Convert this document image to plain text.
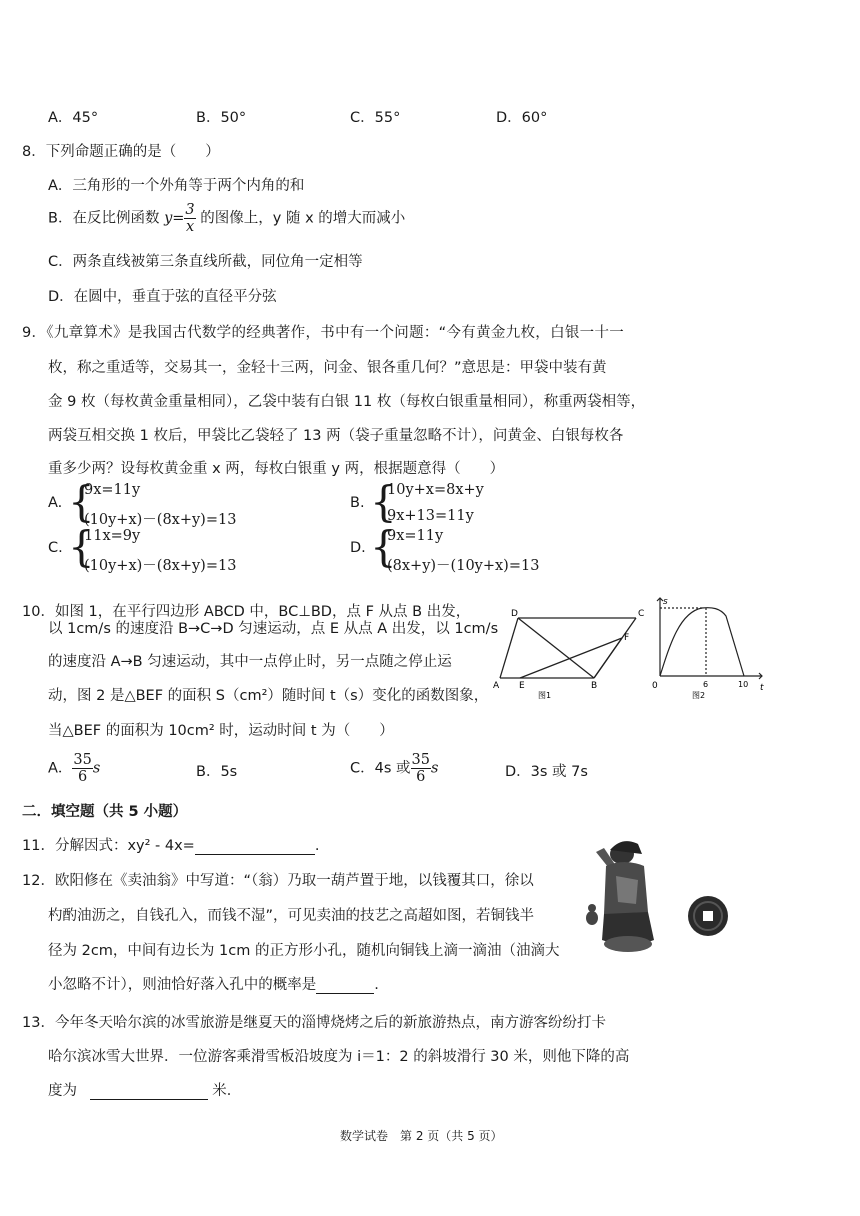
A．45°	B．50°	C．55°	D．60°
8．下列命题正确的是（　　）
A．三角形的一个外角等于两个内角的和
B．在反比例函数 $y= \frac{3}{x}$ 的图像上，y 随 x 的增大而减小
C．两条直线被第三条直线所截，同位角一定相等
D．在圆中，垂直于弦的直径平分弦
9．《九章算术》是我国古代数学的经典著作，书中有一个问题：“今有黄金九枚，白银一十一
枚，称之重适等，交易其一，金轻十三两，问金、银各重几何？”意思是：甲袋中装有黄
金 9 枚（每枚黄金重量相同），乙袋中装有白银 11 枚（每枚白银重量相同），称重两袋相等，
两袋互相交换 1 枚后，甲袋比乙袋轻了 13 两（袋子重量忽略不计），问黄金、白银每枚各
重多少两？设每枚黄金重 x 两，每枚白银重 y 两，根据题意得（　　）
A. {
9x=11y
(10y+x)－(8x+y)=13
B. {
10y+x=8x+y
9x+13=11y
C. {
11x=9y
(10y+x)－(8x+y)=13
D. {
9x=11y
(8x+y)－(10y+x)=13
10．如图 1，在平行四边形 ABCD 中，BC⊥BD，点 F 从点 B 出发，
以 1cm/s 的速度沿 B→C→D 匀速运动，点 E 从点 A 出发，以 1cm/s
的速度沿 A→B 匀速运动，其中一点停止时，另一点随之停止运
动，图 2 是△BEF 的面积 S（cm²）随时间 t（s）变化的函数图象，
当△BEF 的面积为 10cm² 时，运动时间 t 为（　　）
D	C
A E	B
F
图1
s
t
0	6	10
图2
A． $\frac{35}{6}$ s	B．5s	C．4s 或 $\frac{35}{6}$ s	D．3s 或 7s
二．填空题（共 5 小题）
11．分解因式：xy² - 4x=	.
12．欧阳修在《卖油翁》中写道：“（翁）乃取一葫芦置于地，以钱覆其口，徐以
杓酌油沥之，自钱孔入，而钱不湿”，可见卖油的技艺之高超如图，若铜钱半
径为 2cm，中间有边长为 1cm 的正方形小孔，随机向铜钱上滴一滴油（油滴大
小忽略不计），则油恰好落入孔中的概率是	.
13．今年冬天哈尔滨的冰雪旅游是继夏天的淄博烧烤之后的新旅游热点，南方游客纷纷打卡
哈尔滨冰雪大世界．一位游客乘滑雪板沿坡度为 i＝1：2 的斜坡滑行 30 米，则他下降的高
度为	米．
数学试卷　第 2 页（共 5 页）
